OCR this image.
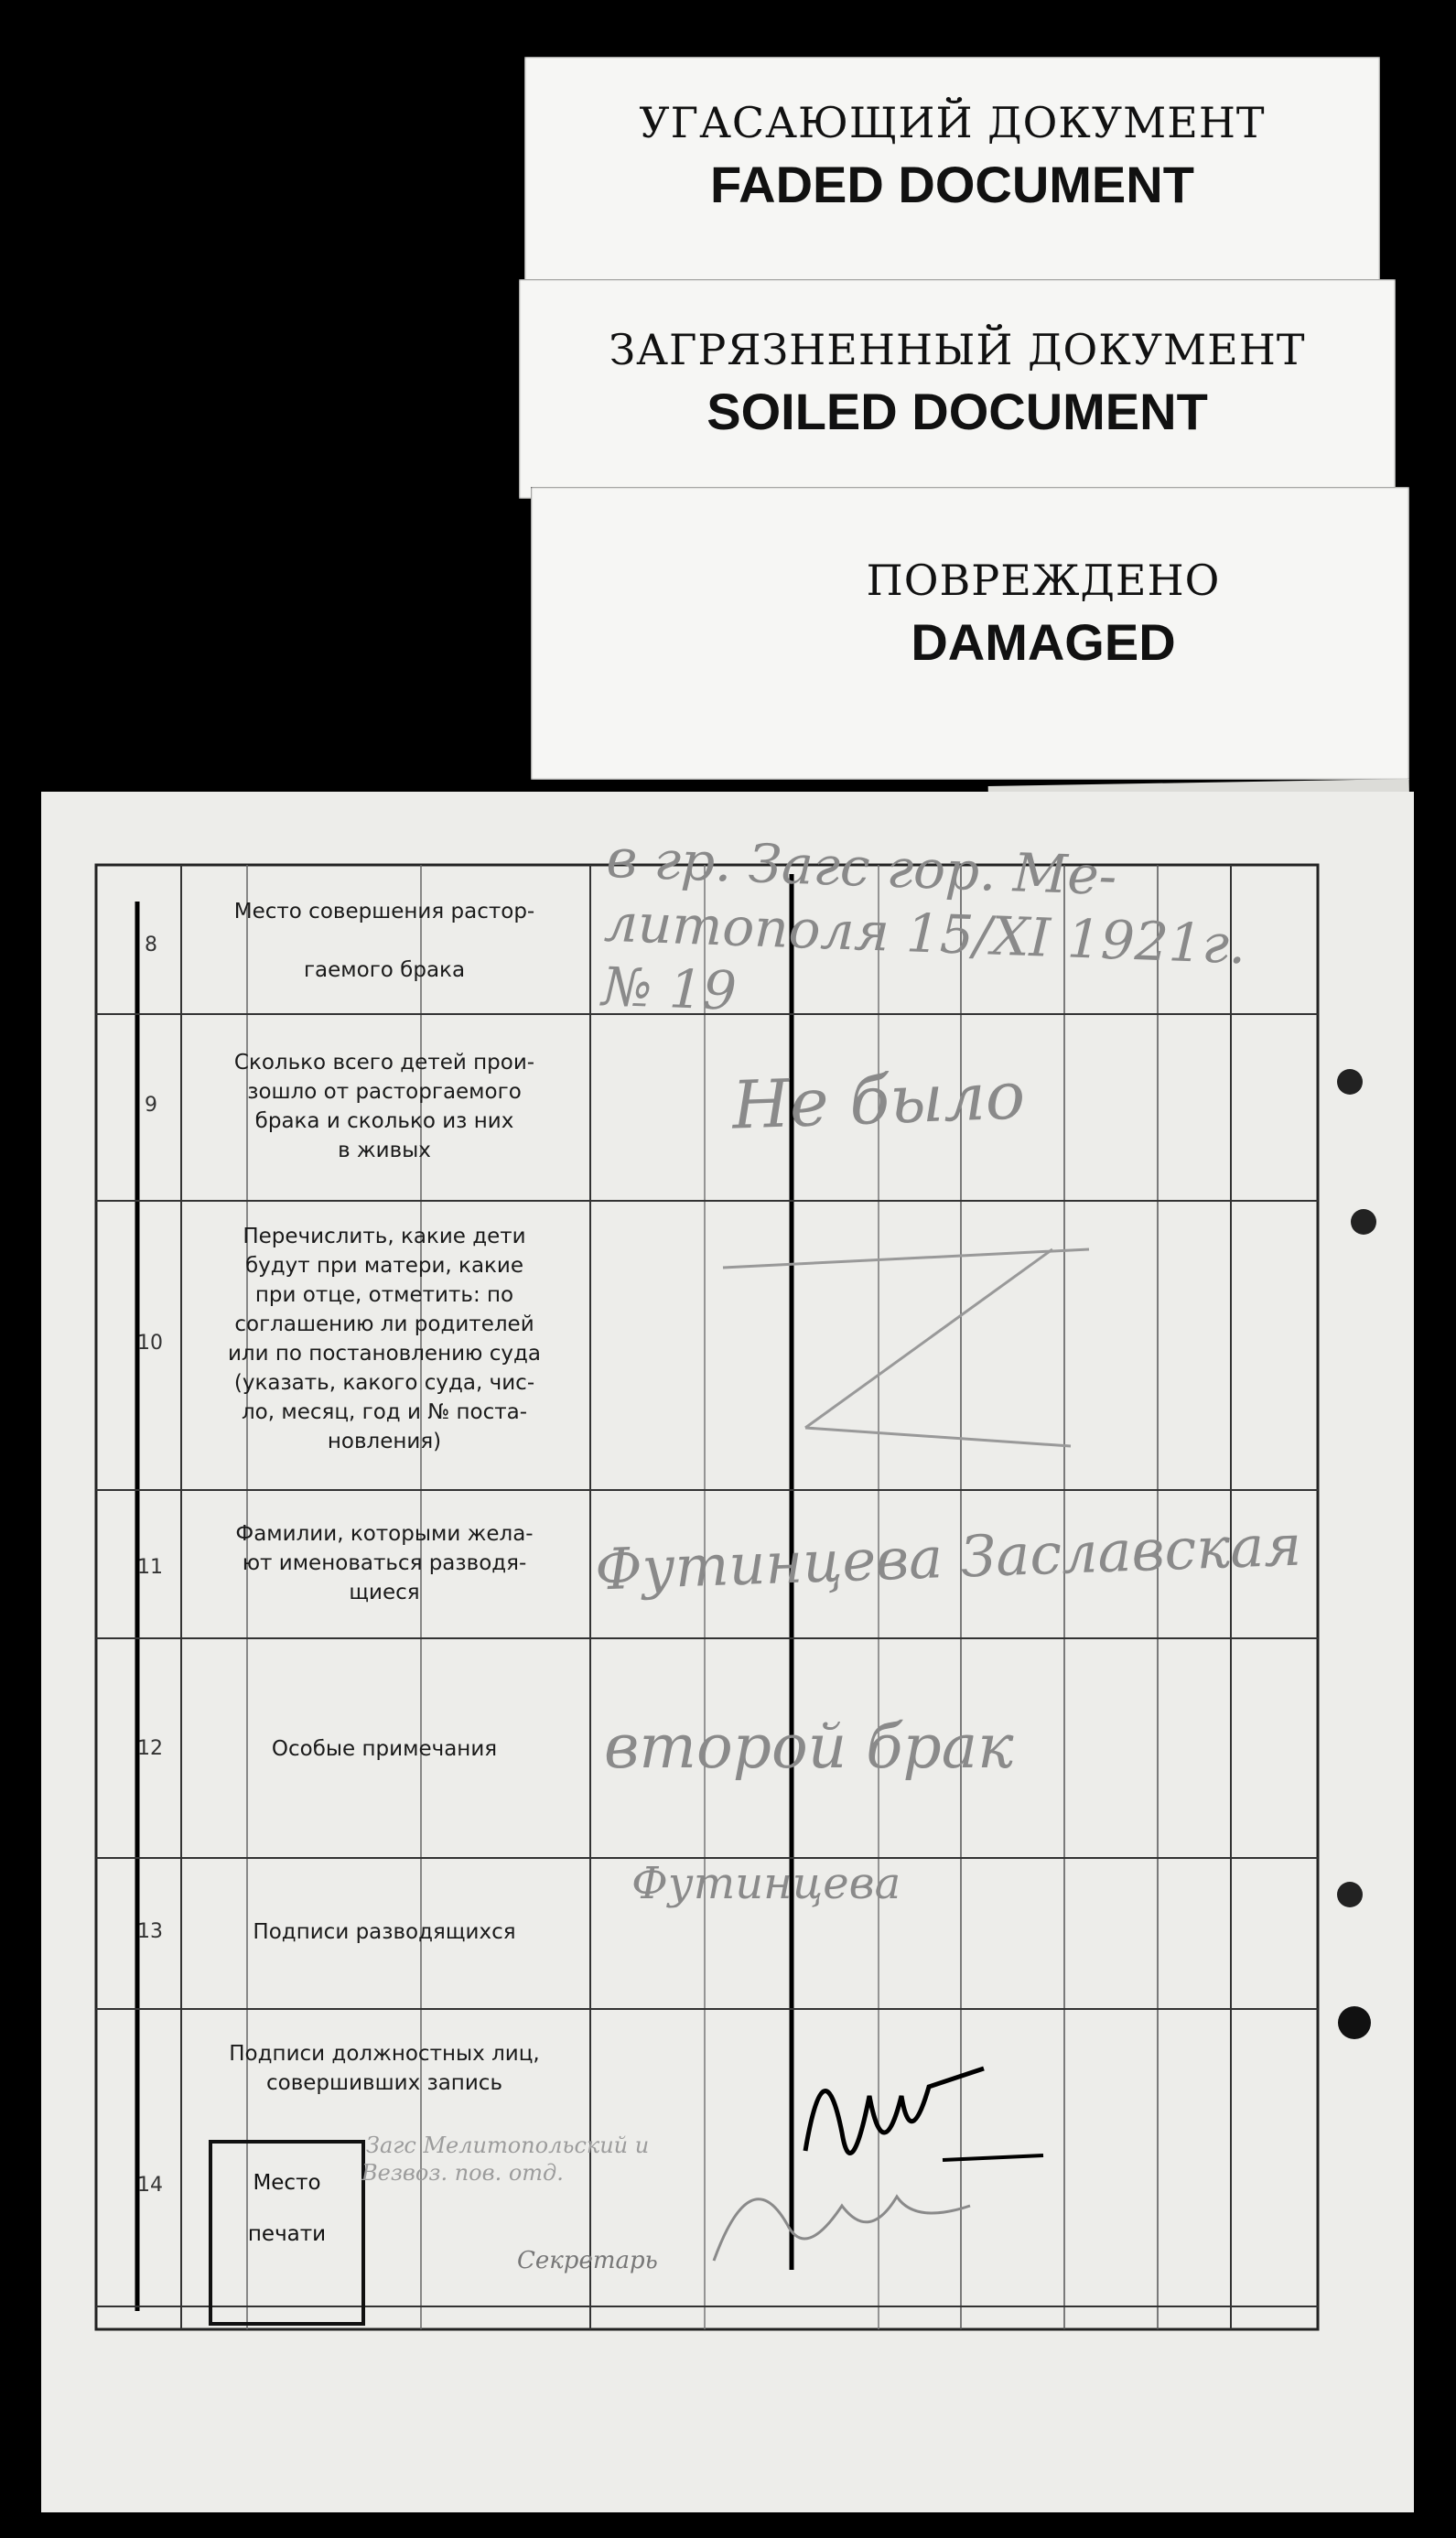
УГАСАЮЩИЙ ДОКУМЕНТ
FADED DOCUMENT
ЗАГРЯЗНЕННЫЙ ДОКУМЕНТ
SOILED DOCUMENT
ПОВРЕЖДЕНО
DAMAGED
8
9
10
11
12
13
14
Место совершения растор-

гаемого брака
Сколько всего детей прои-
зошло от расторгаемого
брака и сколько из них
в живых
Перечислить, какие дети
будут при матери, какие
при отце, отметить: по
соглашению ли родителей
или по постановлению суда
(указать, какого суда, чис-
ло, месяц, год и № поста-
новления)
Фамилии, которыми жела-
ют именоваться разводя-
щиеся
Особые примечания
Подписи разводящихся
Подписи должностных лиц,
совершивших запись
в гр. Загс гор. Ме-
литополя 15/XI 1921г.
№ 19
Не было
Футинцева Заславская
второй брак
Футинцева
Место
печати
Загс Мелитопольский и
Везвоз. пов. отд.
Секретарь
